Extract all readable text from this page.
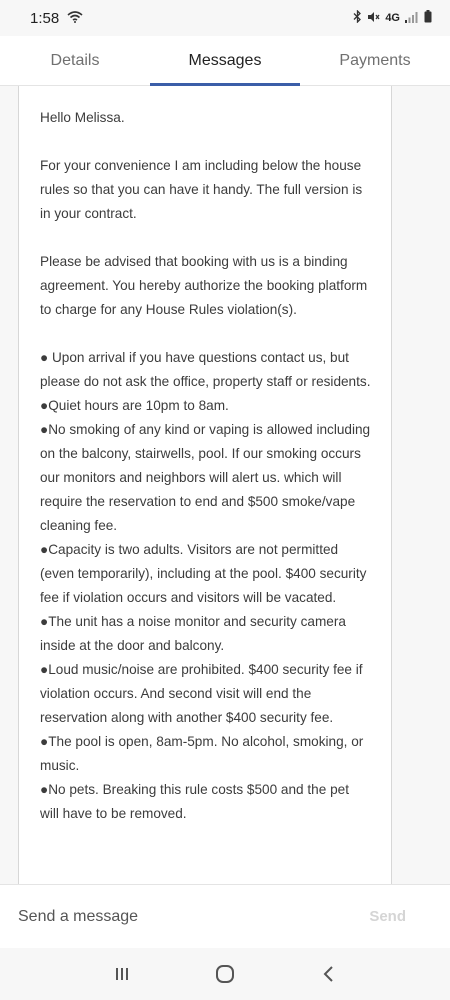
1:58	4G
Details	Messages	Payments

Hello Melissa.

For your convenience I am including below the house rules so that you can have it handy. The full version is in your contract.

Please be advised that booking with us is a binding agreement. You hereby authorize the booking platform to charge for any House Rules violation(s).

● Upon arrival if you have questions contact us, but please do not ask the office, property staff or residents.

●Quiet hours are 10pm to 8am.

●No smoking of any kind or vaping is allowed including on the balcony, stairwells, pool. If our smoking occurs our monitors and neighbors will alert us. which will require the reservation to end and $500 smoke/vape cleaning fee.

●Capacity is two adults. Visitors are not permitted (even temporarily), including at the pool. $400 security fee if violation occurs and visitors will be vacated.

●The unit has a noise monitor and security camera inside at the door and balcony.

●Loud music/noise are prohibited. $400 security fee if violation occurs. And second visit will end the reservation along with another $400 security fee.

●The pool is open, 8am-5pm. No alcohol, smoking, or music.

●No pets. Breaking this rule costs $500 and the pet will have to be removed.

Send a message
Send
